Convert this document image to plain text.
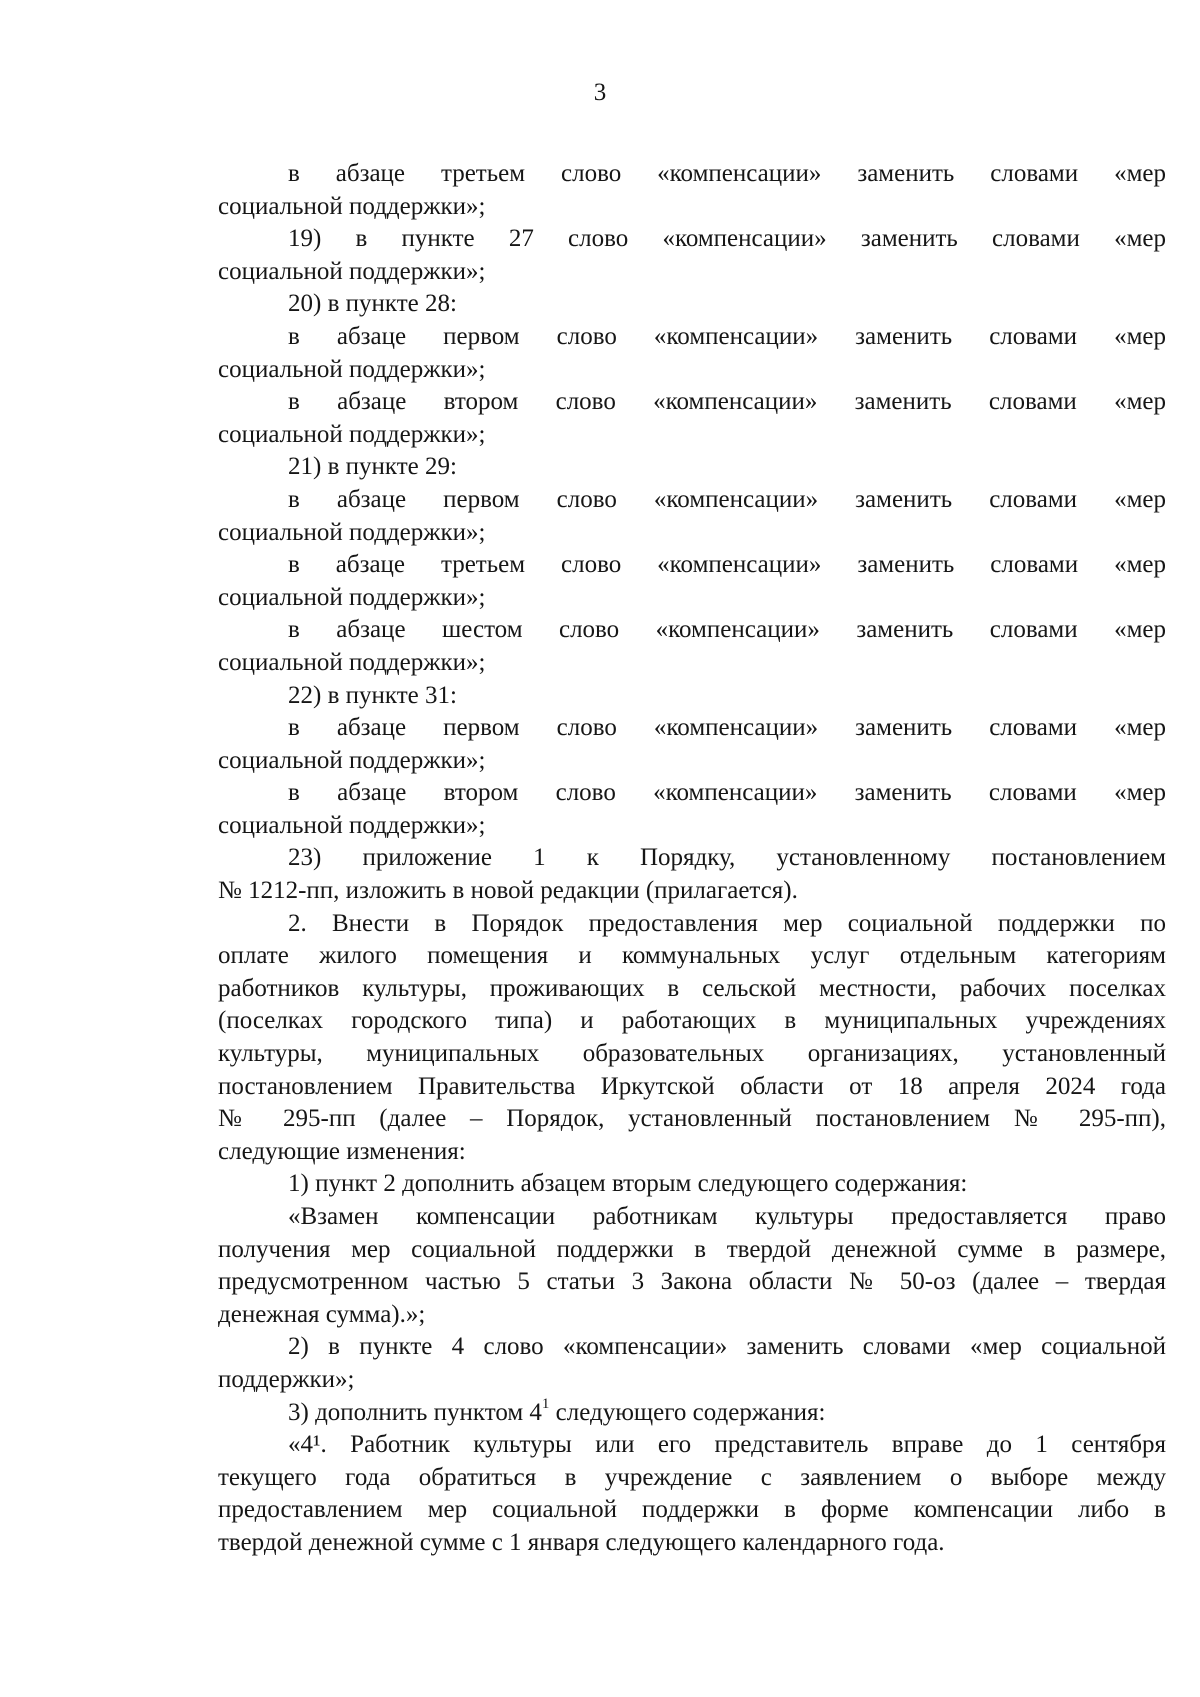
3
в абзаце третьем слово «компенсации» заменить словами «мер
социальной поддержки»;
19) в пункте 27 слово «компенсации» заменить словами «мер
социальной поддержки»;
20) в пункте 28:
в абзаце первом слово «компенсации» заменить словами «мер
социальной поддержки»;
в абзаце втором слово «компенсации» заменить словами «мер
социальной поддержки»;
21) в пункте 29:
в абзаце первом слово «компенсации» заменить словами «мер
социальной поддержки»;
в абзаце третьем слово «компенсации» заменить словами «мер
социальной поддержки»;
в абзаце шестом слово «компенсации» заменить словами «мер
социальной поддержки»;
22) в пункте 31:
в абзаце первом слово «компенсации» заменить словами «мер
социальной поддержки»;
в абзаце втором слово «компенсации» заменить словами «мер
социальной поддержки»;
23) приложение 1 к Порядку, установленному постановлением
№ 1212-пп, изложить в новой редакции (прилагается).
2. Внести в Порядок предоставления мер социальной поддержки по
оплате жилого помещения и коммунальных услуг отдельным категориям
работников культуры, проживающих в сельской местности, рабочих поселках
(поселках городского типа) и работающих в муниципальных учреждениях
культуры, муниципальных образовательных организациях, установленный
постановлением Правительства Иркутской области от 18 апреля 2024 года
№ 295-пп (далее – Порядок, установленный постановлением № 295-пп),
следующие изменения:
1) пункт 2 дополнить абзацем вторым следующего содержания:
«Взамен компенсации работникам культуры предоставляется право
получения мер социальной поддержки в твердой денежной сумме в размере,
предусмотренном частью 5 статьи 3 Закона области № 50-оз (далее – твердая
денежная сумма).»;
2) в пункте 4 слово «компенсации» заменить словами «мер социальной
поддержки»;
3) дополнить пунктом $4^1$ следующего содержания:
«4¹. Работник культуры или его представитель вправе до 1 сентября
текущего года обратиться в учреждение с заявлением о выборе между
предоставлением мер социальной поддержки в форме компенсации либо в
твердой денежной сумме с 1 января следующего календарного года.
